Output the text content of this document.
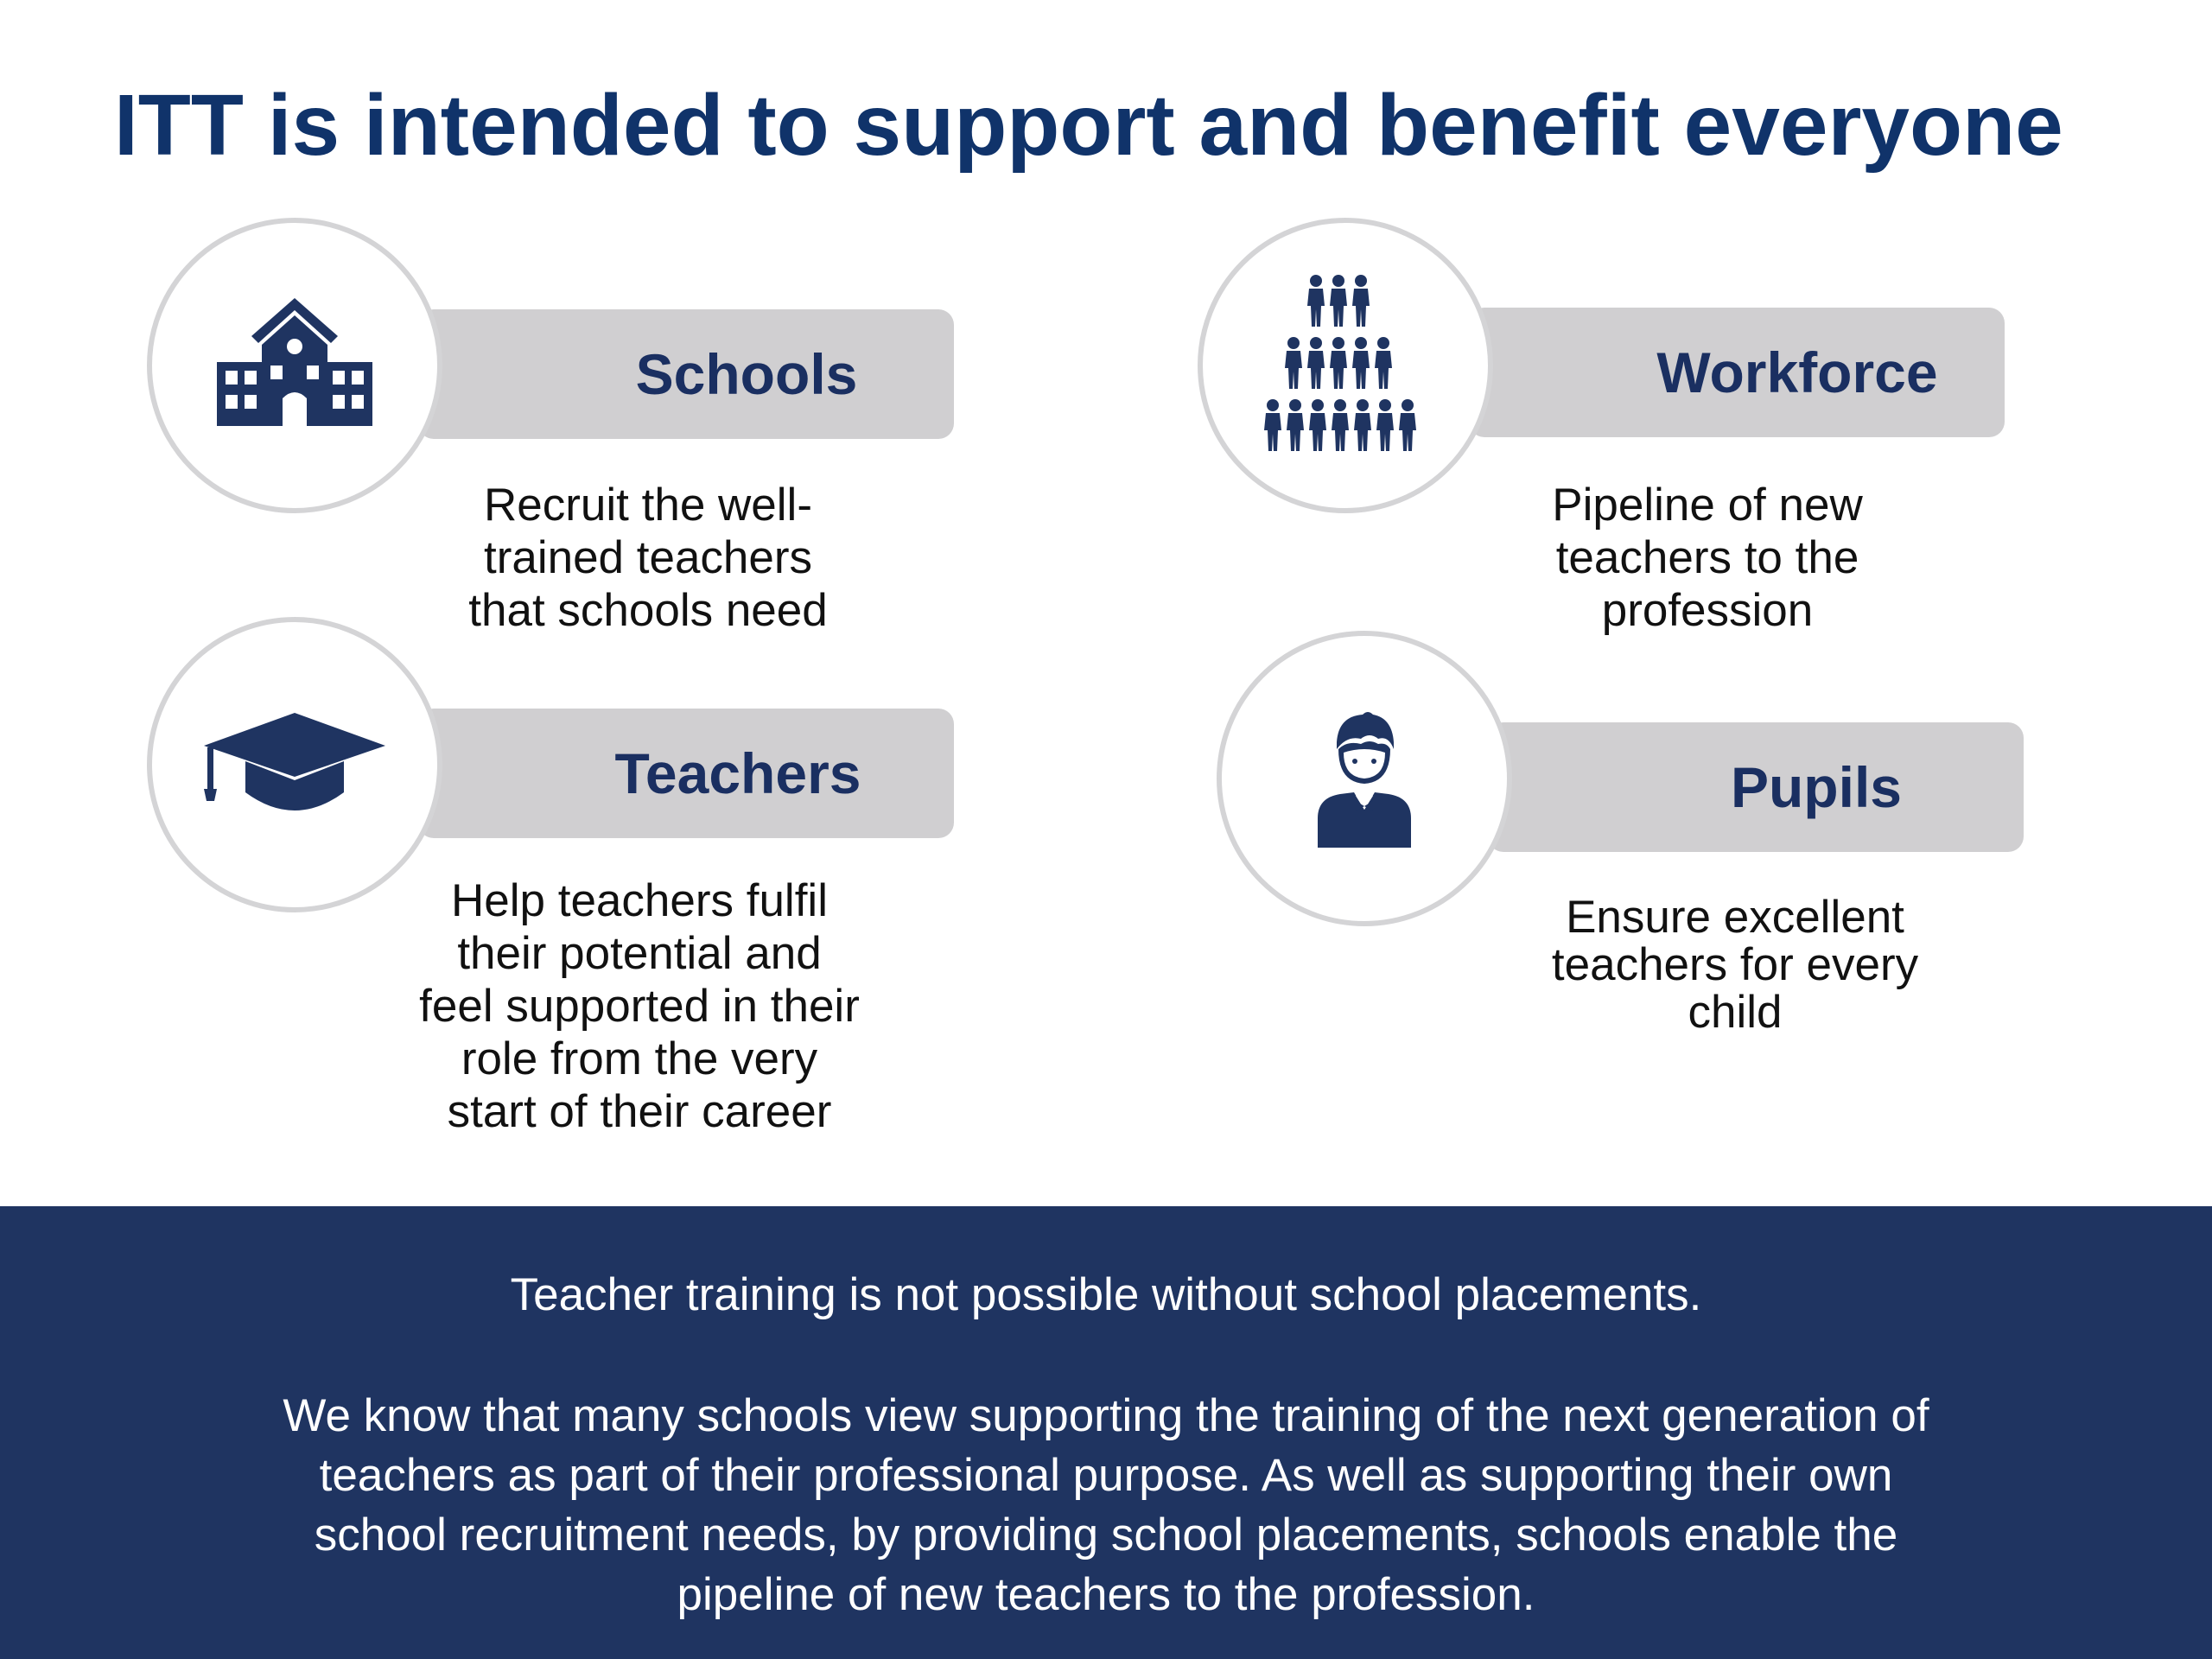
ITT is intended to support and benefit everyone
Schools
Recruit the well-
trained teachers
that schools need
Workforce
Pipeline of new
teachers to the
profession
Teachers
Help teachers fulfil
their potential and
feel supported in their
role from the very
start of their career
Pupils
Ensure excellent
teachers for every
child
Teacher training is not possible without school placements.
We know that many schools view supporting the training of the next generation of
teachers as part of their professional purpose. As well as supporting their own
school recruitment needs, by providing school placements, schools enable the
pipeline of new teachers to the profession.
